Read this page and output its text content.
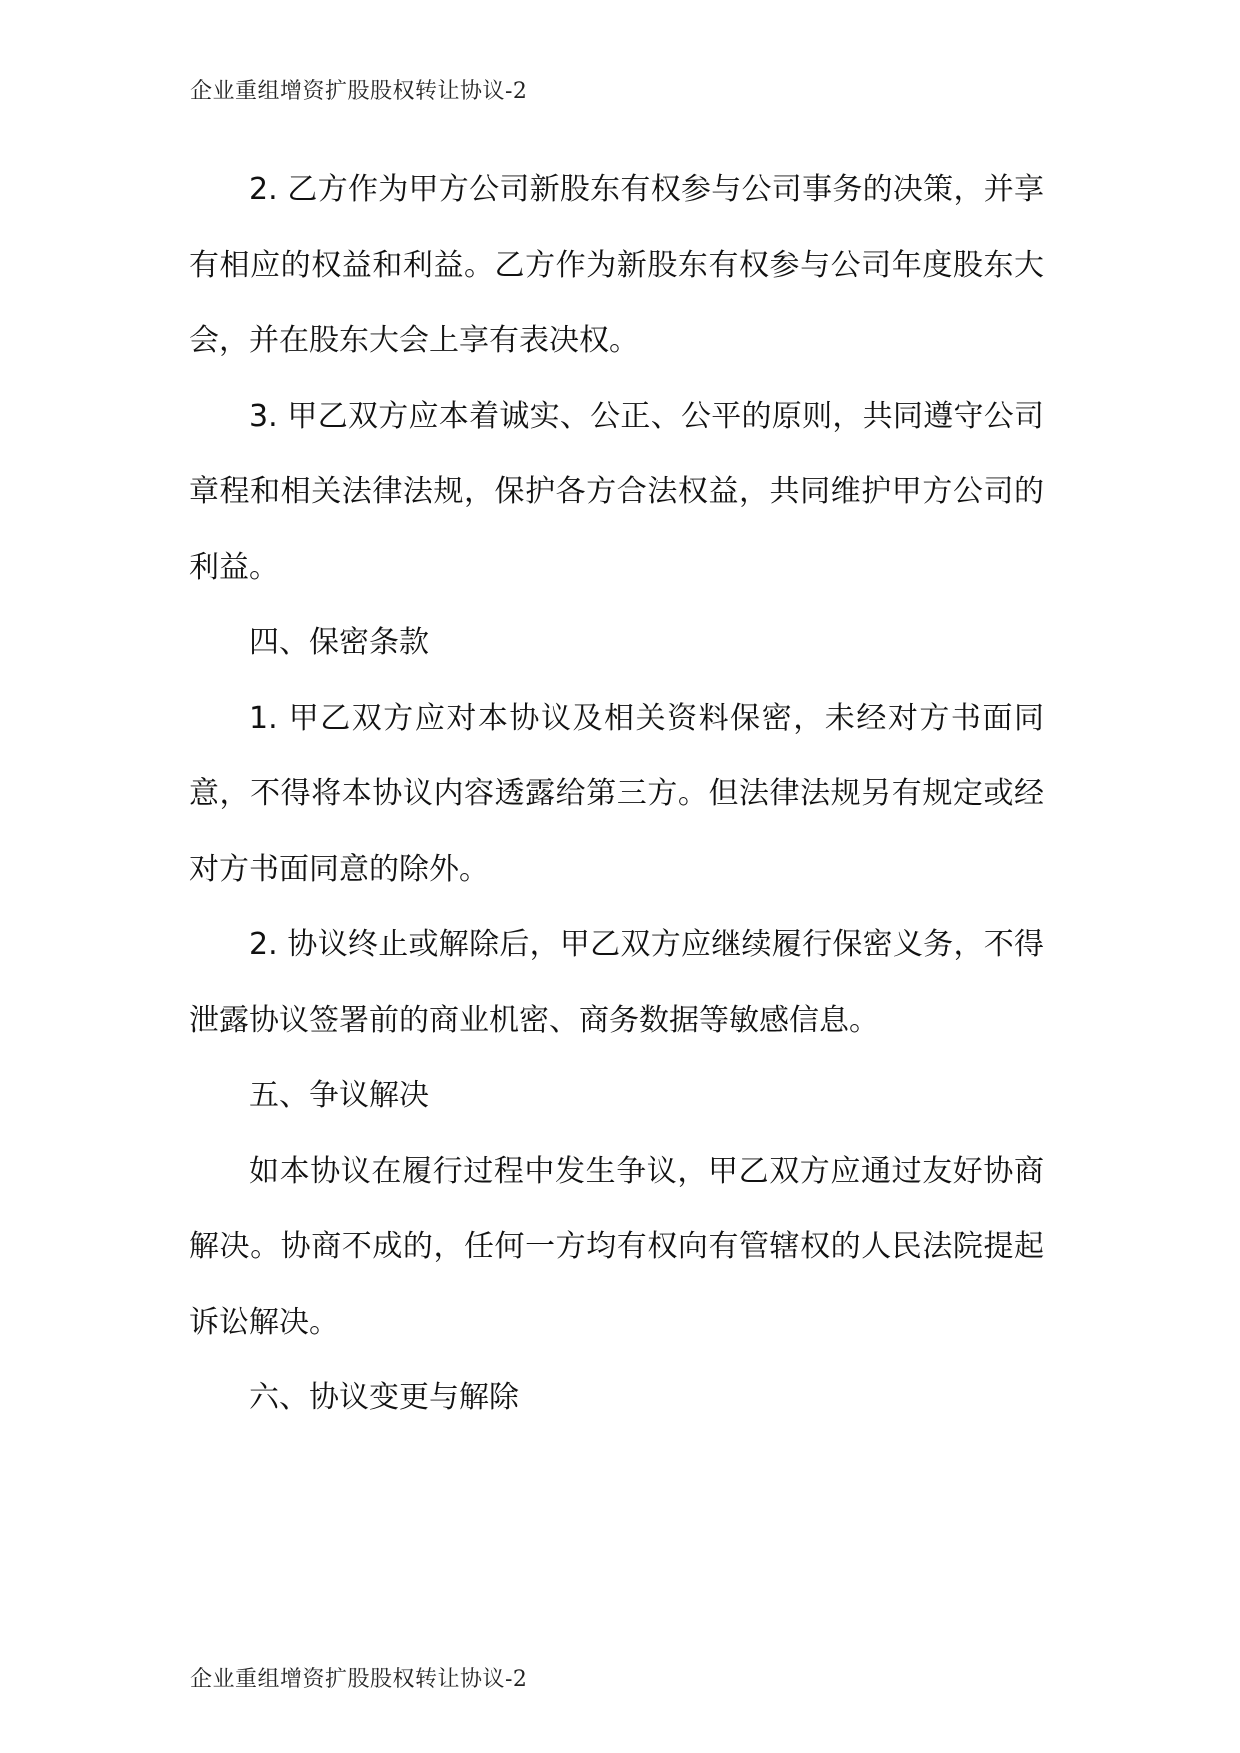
企业重组增资扩股股权转让协议-2

2. 乙方作为甲方公司新股东有权参与公司事务的决策，并享有相应的权益和利益。乙方作为新股东有权参与公司年度股东大会，并在股东大会上享有表决权。

3. 甲乙双方应本着诚实、公正、公平的原则，共同遵守公司章程和相关法律法规，保护各方合法权益，共同维护甲方公司的利益。

四、保密条款

1. 甲乙双方应对本协议及相关资料保密，未经对方书面同意，不得将本协议内容透露给第三方。但法律法规另有规定或经对方书面同意的除外。

2. 协议终止或解除后，甲乙双方应继续履行保密义务，不得泄露协议签署前的商业机密、商务数据等敏感信息。

五、争议解决

如本协议在履行过程中发生争议，甲乙双方应通过友好协商解决。协商不成的，任何一方均有权向有管辖权的人民法院提起诉讼解决。

六、协议变更与解除

企业重组增资扩股股权转让协议-2
